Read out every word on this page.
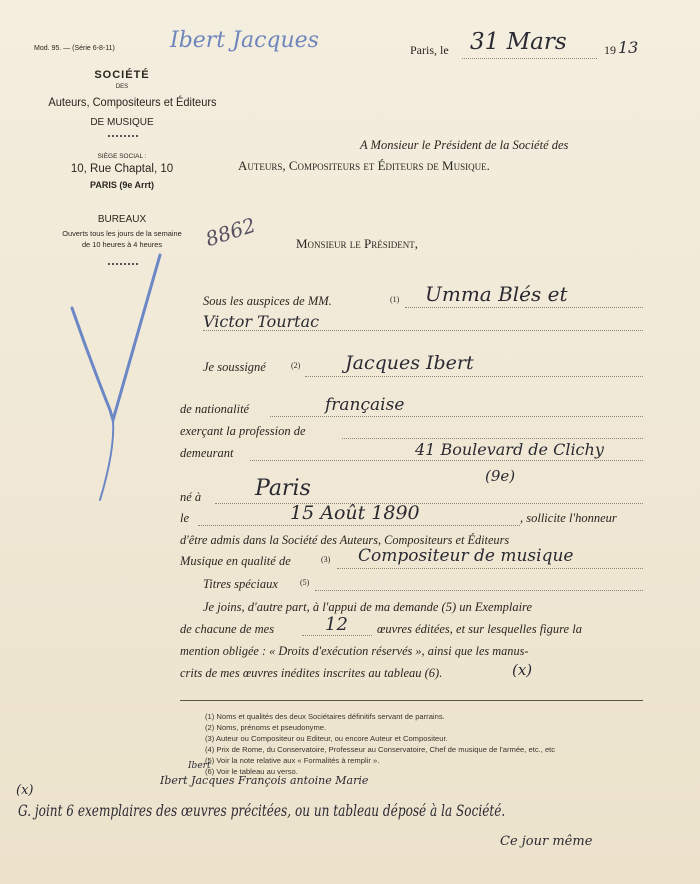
Mod. 95. — (Série 6-8-11)	Ibert Jacques	Paris, le 31 Mars	19 13
SOCIÉTÉ
DES
Auteurs, Compositeurs et Éditeurs
DE MUSIQUE
SIÈGE SOCIAL :
10, Rue Chaptal, 10
PARIS (9e Arrt)
BUREAUX
Ouverts tous les jours de la semaine
de 10 heures à 4 heures
A Monsieur le Président de la Société des
Auteurs, Compositeurs et Éditeurs de Musique.
8862	Monsieur le Président,
Sous les auspices de MM.	(1) Umma Blés et
Victor Tourtac
Je soussigné	(2) Jacques Ibert
de nationalité	française
exerçant la profession de
demeurant	41 Boulevard de Clichy
(9e)
né à Paris
le	15 Août 1890	, sollicite l'honneur
d'être admis dans la Société des Auteurs, Compositeurs et Éditeurs
Musique en qualité de	(3) Compositeur de musique
Titres spéciaux	(5)
Je joins, d'autre part, à l'appui de ma demande (5) un Exemplaire
de chacune de mes	12 œuvres éditées, et sur lesquelles figure la
mention obligée : « Droits d'exécution réservés », ainsi que les manus-
crits de mes œuvres inédites inscrites au tableau (6).	(x)
(1) Noms et qualités des deux Sociétaires définitifs servant de parrains.
(2) Noms, prénoms et pseudonyme.
(3) Auteur ou Compositeur ou Editeur, ou encore Auteur et Compositeur.
(4) Prix de Rome, du Conservatoire, Professeur au Conservatoire, Chef de musique de l'armée, etc., etc
(5) Voir la note relative aux « Formalités à remplir ».
(6) Voir le tableau au verso.
Ibert
Ibert Jacques François antoine Marie
(x)
G. joint 6 exemplaires des œuvres précitées, ou un tableau déposé à la Société.
Ce jour même
